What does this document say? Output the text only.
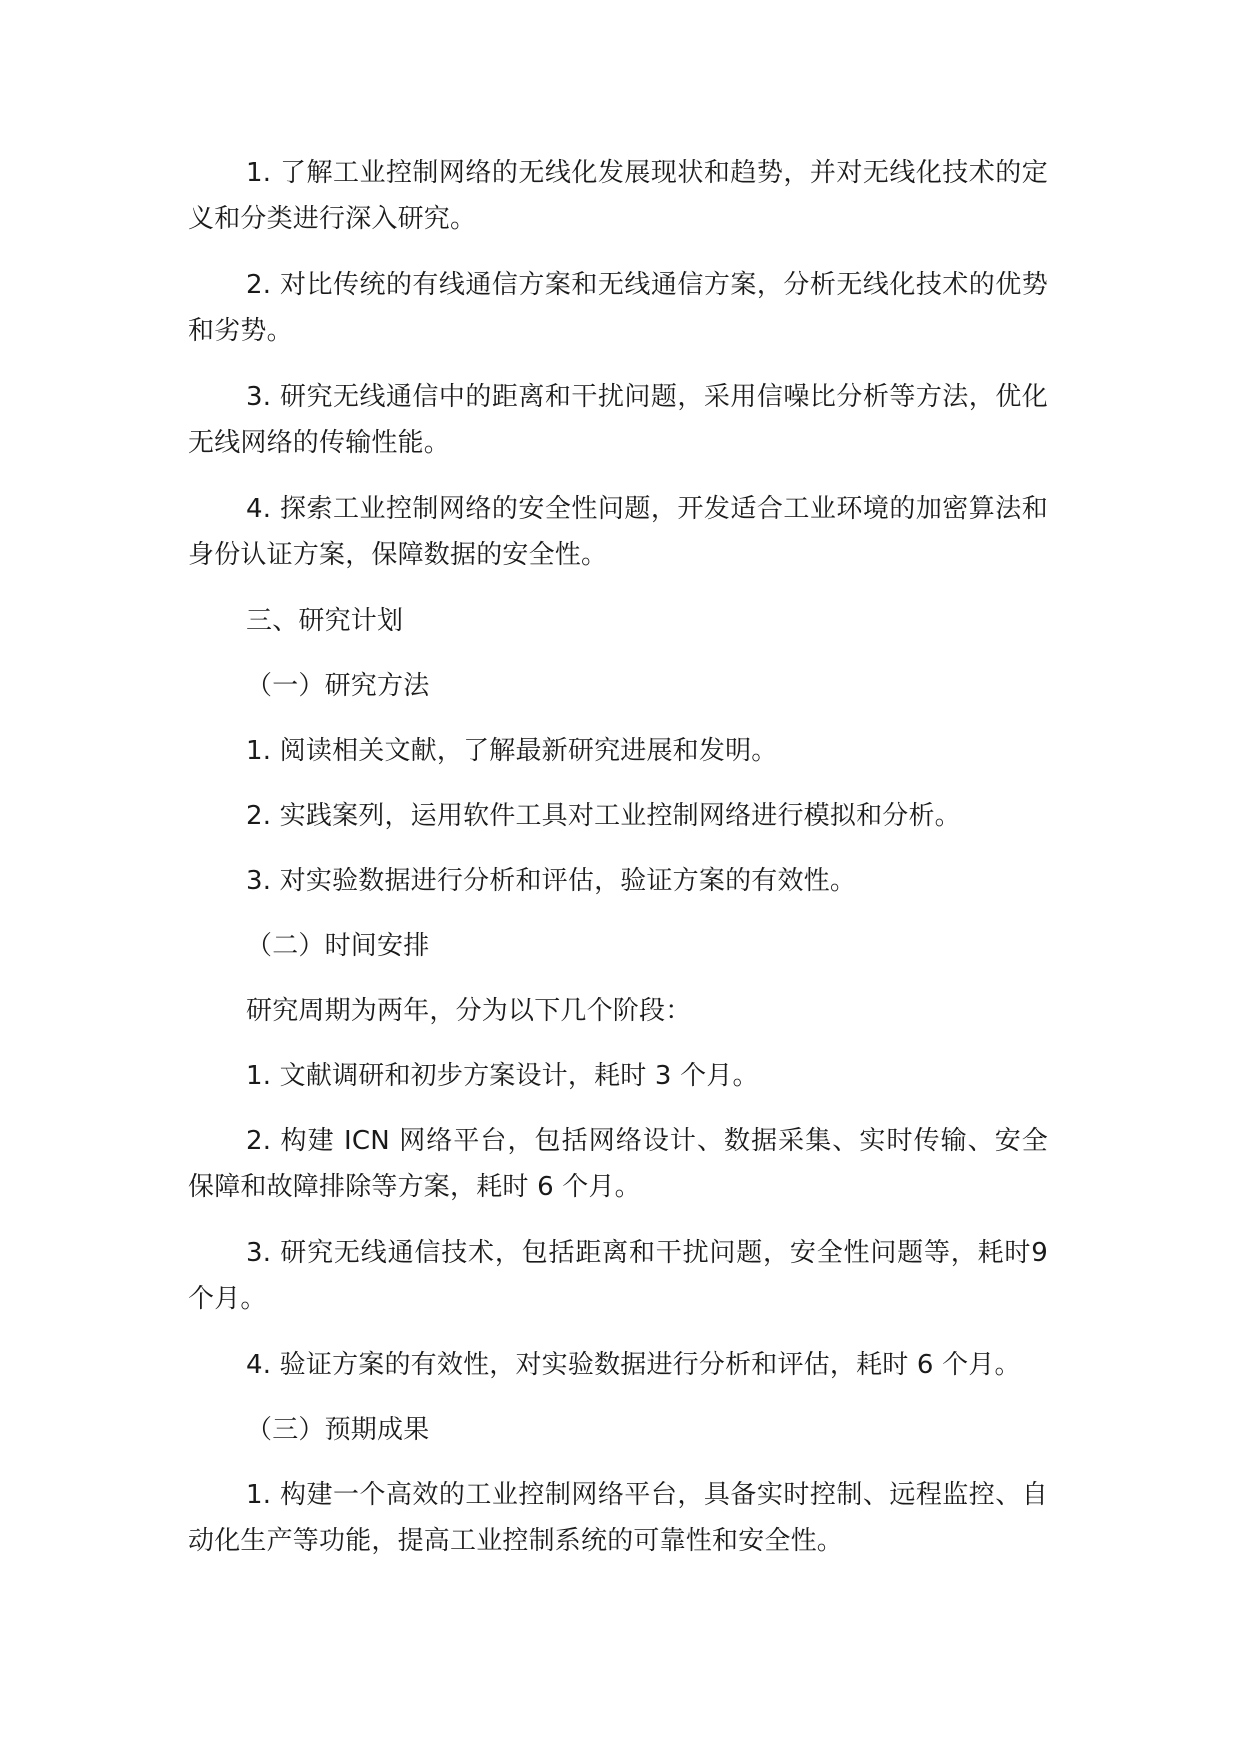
1. 了解工业控制网络的无线化发展现状和趋势，并对无线化技术的定义和分类进行深入研究。

2. 对比传统的有线通信方案和无线通信方案，分析无线化技术的优势和劣势。

3. 研究无线通信中的距离和干扰问题，采用信噪比分析等方法，优化无线网络的传输性能。

4. 探索工业控制网络的安全性问题，开发适合工业环境的加密算法和身份认证方案，保障数据的安全性。

三、研究计划

（一）研究方法

1. 阅读相关文献，了解最新研究进展和发明。

2. 实践案列，运用软件工具对工业控制网络进行模拟和分析。

3. 对实验数据进行分析和评估，验证方案的有效性。

（二）时间安排

研究周期为两年，分为以下几个阶段：

1. 文献调研和初步方案设计，耗时 3 个月。

2. 构建 ICN 网络平台，包括网络设计、数据采集、实时传输、安全保障和故障排除等方案，耗时 6 个月。

3. 研究无线通信技术，包括距离和干扰问题，安全性问题等，耗时9 个月。

4. 验证方案的有效性，对实验数据进行分析和评估，耗时 6 个月。

（三）预期成果

1. 构建一个高效的工业控制网络平台，具备实时控制、远程监控、自动化生产等功能，提高工业控制系统的可靠性和安全性。
